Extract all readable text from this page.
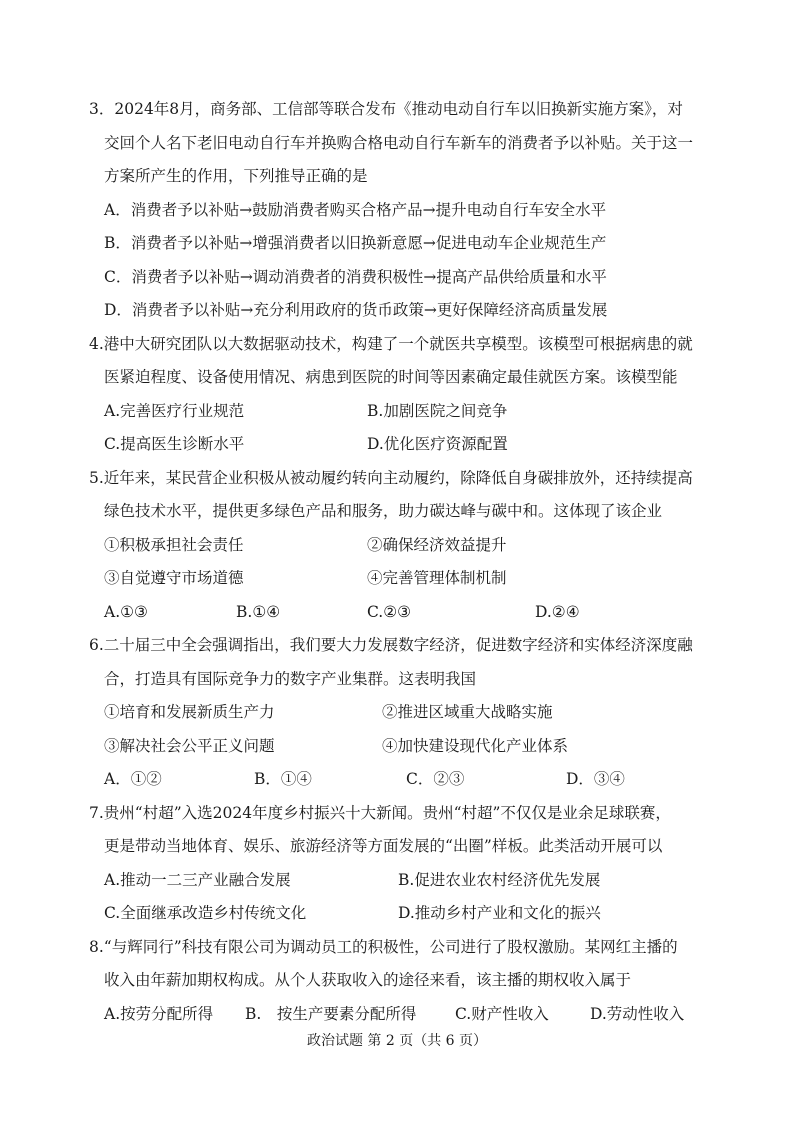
3．2024年8月，商务部、工信部等联合发布《推动电动自行车以旧换新实施方案》，对
交回个人名下老旧电动自行车并换购合格电动自行车新车的消费者予以补贴。关于这一
方案所产生的作用，下列推导正确的是
A．消费者予以补贴→鼓励消费者购买合格产品→提升电动自行车安全水平
B．消费者予以补贴→增强消费者以旧换新意愿→促进电动车企业规范生产
C．消费者予以补贴→调动消费者的消费积极性→提高产品供给质量和水平
D．消费者予以补贴→充分利用政府的货币政策→更好保障经济高质量发展
4.港中大研究团队以大数据驱动技术，构建了一个就医共享模型。该模型可根据病患的就
医紧迫程度、设备使用情况、病患到医院的时间等因素确定最佳就医方案。该模型能
A.完善医疗行业规范	B.加剧医院之间竞争
C.提高医生诊断水平	D.优化医疗资源配置
5.近年来，某民营企业积极从被动履约转向主动履约，除降低自身碳排放外，还持续提高
绿色技术水平，提供更多绿色产品和服务，助力碳达峰与碳中和。这体现了该企业
①积极承担社会责任	②确保经济效益提升
③自觉遵守市场道德	④完善管理体制机制
A.①③	B.①④	C.②③	D.②④
6.二十届三中全会强调指出，我们要大力发展数字经济，促进数字经济和实体经济深度融
合，打造具有国际竞争力的数字产业集群。这表明我国
①培育和发展新质生产力	②推进区域重大战略实施
③解决社会公平正义问题	④加快建设现代化产业体系
A．①②	B．①④	C．②③	D．③④
7.贵州“村超”入选2024年度乡村振兴十大新闻。贵州“村超”不仅仅是业余足球联赛，
更是带动当地体育、娱乐、旅游经济等方面发展的“出圈”样板。此类活动开展可以
A.推动一二三产业融合发展	B.促进农业农村经济优先发展
C.全面继承改造乡村传统文化	D.推动乡村产业和文化的振兴
8.“与辉同行”科技有限公司为调动员工的积极性，公司进行了股权激励。某网红主播的
收入由年薪加期权构成。从个人获取收入的途径来看，该主播的期权收入属于
A.按劳分配所得 B.　按生产要素分配所得 C.财产性收入	D.劳动性收入
政治试题 第 2 页（共 6 页）
